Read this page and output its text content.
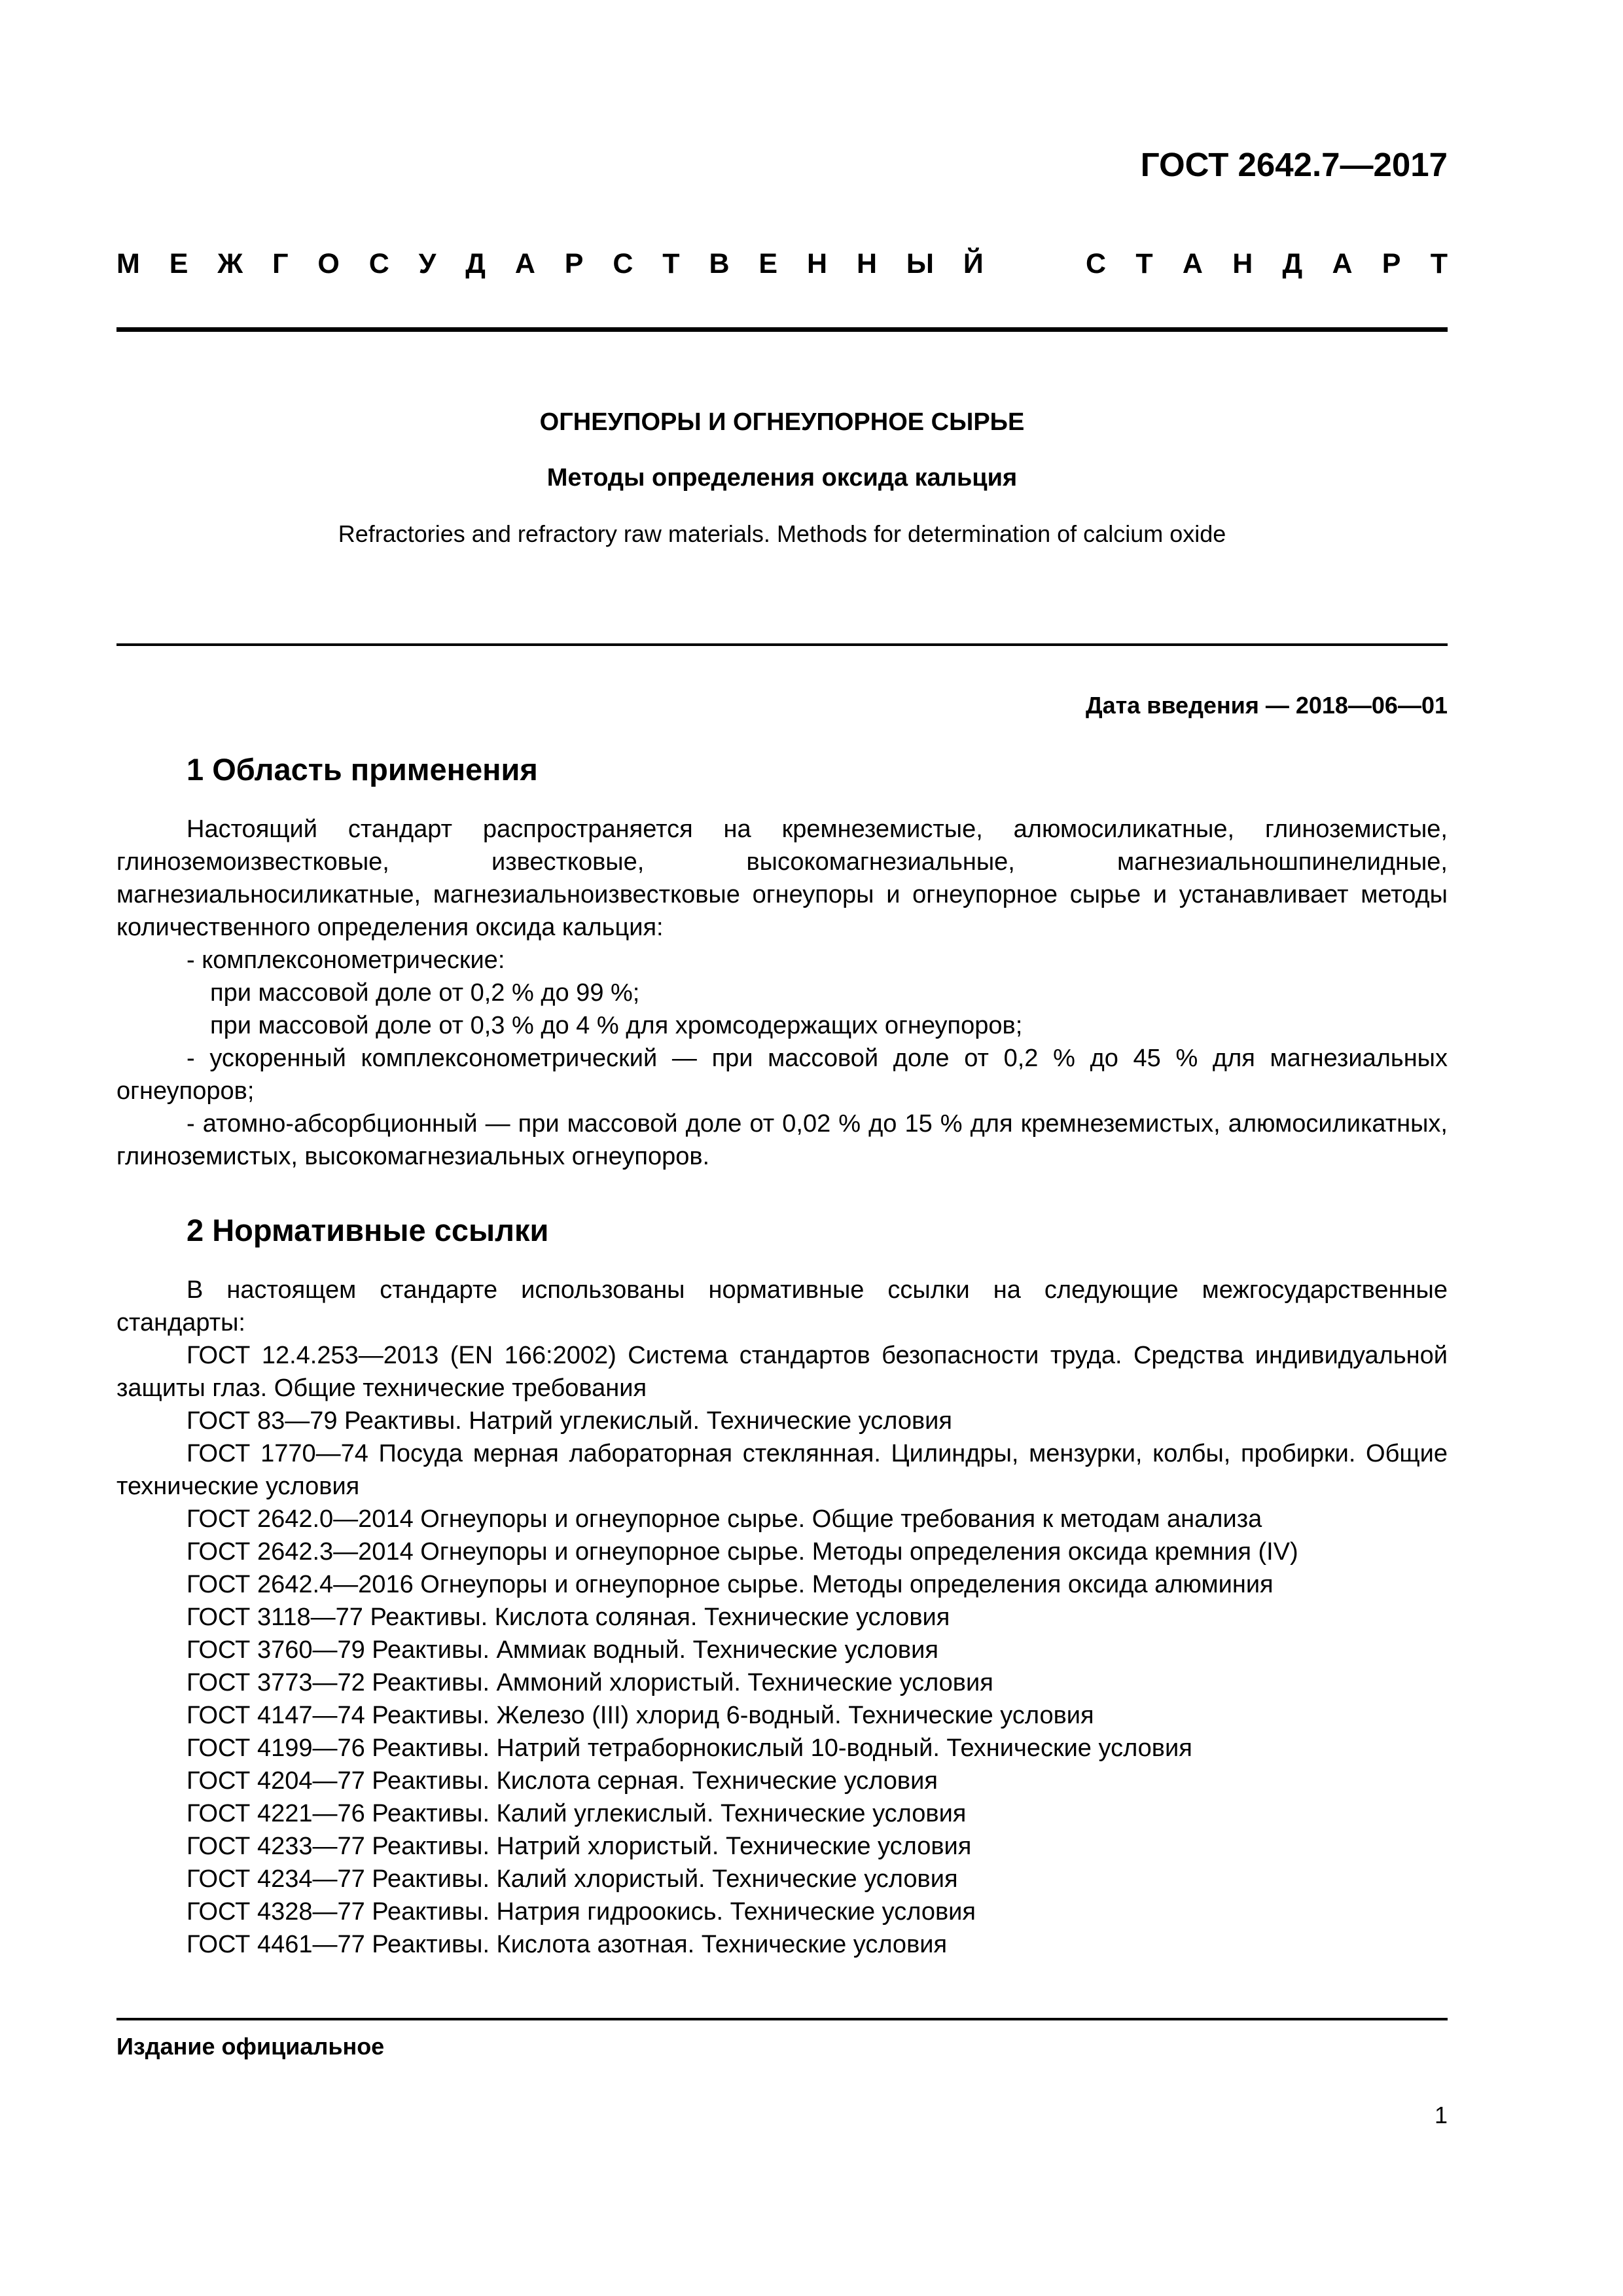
ГОСТ 2642.7—2017
М Е Ж Г О С У Д А Р С Т В Е Н Н Ы Й	С Т А Н Д А Р Т
ОГНЕУПОРЫ И ОГНЕУПОРНОЕ СЫРЬЕ
Методы определения оксида кальция
Refractories and refractory raw materials. Methods for determination of calcium oxide
Дата введения — 2018—06—01
1 Область применения

Настоящий стандарт распространяется на кремнеземистые, алюмосиликатные, глиноземистые, глиноземоизвестковые, известковые, высокомагнезиальные, магнезиальношпинелидные, магнезиальносиликатные, магнезиальноизвестковые огнеупоры и огнеупорное сырье и устанавливает методы количественного определения оксида кальция:

- комплексонометрические:

при массовой доле от 0,2 % до 99 %;

при массовой доле от 0,3 % до 4 % для хромсодержащих огнеупоров;

- ускоренный комплексонометрический — при массовой доле от 0,2 % до 45 % для магнезиальных огнеупоров;

- атомно-абсорбционный — при массовой доле от 0,02 % до 15 % для кремнеземистых, алюмосиликатных, глиноземистых, высокомагнезиальных огнеупоров.

2 Нормативные ссылки

В настоящем стандарте использованы нормативные ссылки на следующие межгосударственные стандарты:

ГОСТ 12.4.253—2013 (EN 166:2002) Система стандартов безопасности труда. Средства индивидуальной защиты глаз. Общие технические требования

ГОСТ 83—79 Реактивы. Натрий углекислый. Технические условия

ГОСТ 1770—74 Посуда мерная лабораторная стеклянная. Цилиндры, мензурки, колбы, пробирки. Общие технические условия

ГОСТ 2642.0—2014 Огнеупоры и огнеупорное сырье. Общие требования к методам анализа

ГОСТ 2642.3—2014 Огнеупоры и огнеупорное сырье. Методы определения оксида кремния (IV)

ГОСТ 2642.4—2016 Огнеупоры и огнеупорное сырье. Методы определения оксида алюминия

ГОСТ 3118—77 Реактивы. Кислота соляная. Технические условия

ГОСТ 3760—79 Реактивы. Аммиак водный. Технические условия

ГОСТ 3773—72 Реактивы. Аммоний хлористый. Технические условия

ГОСТ 4147—74 Реактивы. Железо (III) хлорид 6-водный. Технические условия

ГОСТ 4199—76 Реактивы. Натрий тетраборнокислый 10-водный. Технические условия

ГОСТ 4204—77 Реактивы. Кислота серная. Технические условия

ГОСТ 4221—76 Реактивы. Калий углекислый. Технические условия

ГОСТ 4233—77 Реактивы. Натрий хлористый. Технические условия

ГОСТ 4234—77 Реактивы. Калий хлористый. Технические условия

ГОСТ 4328—77 Реактивы. Натрия гидроокись. Технические условия

ГОСТ 4461—77 Реактивы. Кислота азотная. Технические условия

Издание официальное
1
